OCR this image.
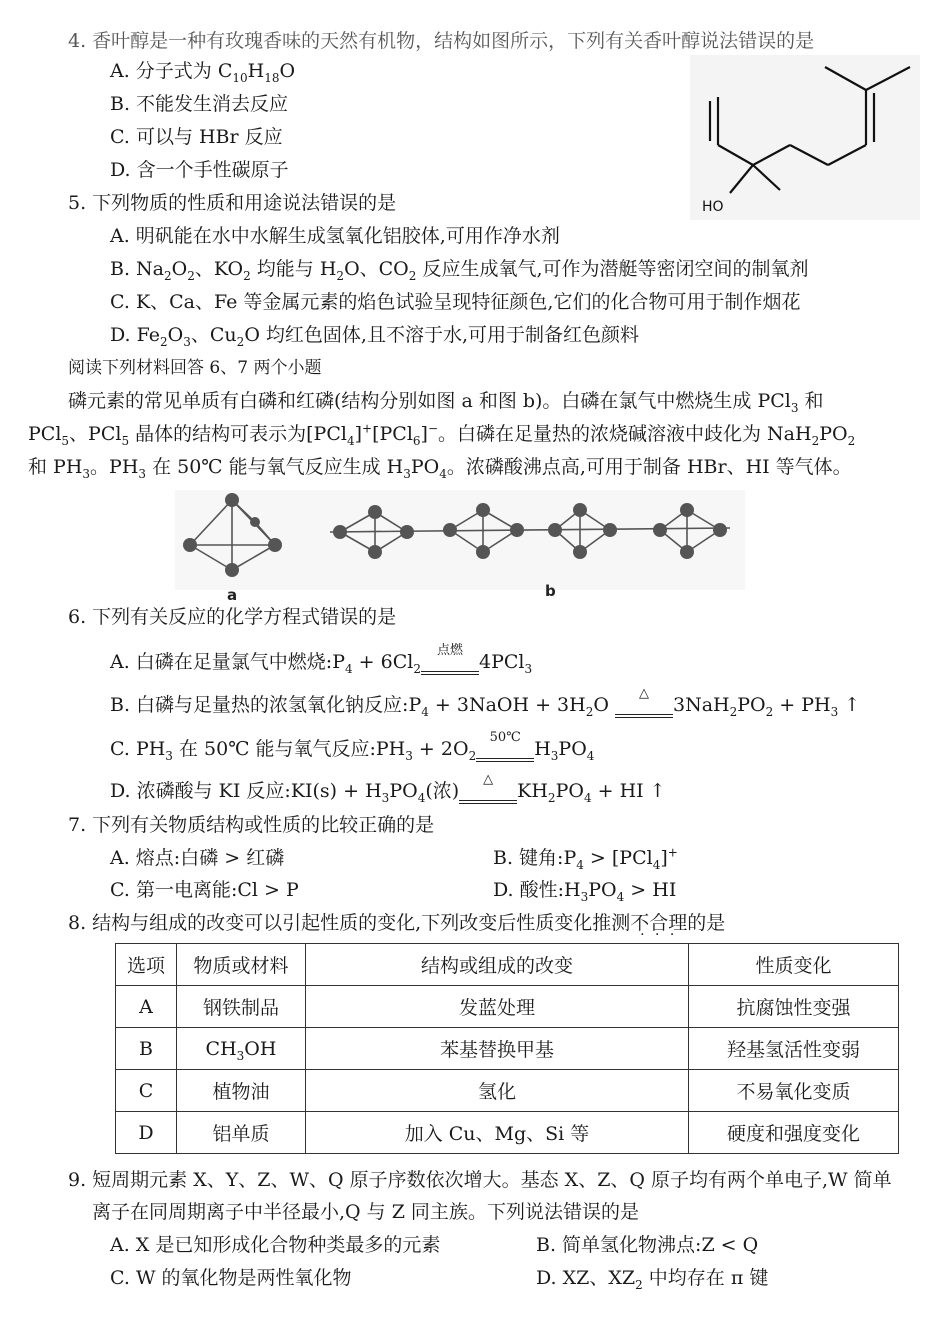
4. 香叶醇是一种有玫瑰香味的天然有机物，结构如图所示，下列有关香叶醇说法错误的是
A. 分子式为 $C_{10}H_{18}O$
B. 不能发生消去反应
C. 可以与 HBr 反应
D. 含一个手性碳原子
HO
5. 下列物质的性质和用途说法错误的是
A. 明矾能在水中水解生成氢氧化铝胶体,可用作净水剂
B. $Na_2O_2$、$KO_2$ 均能与 $H_2O$、$CO_2$ 反应生成氧气,可作为潜艇等密闭空间的制氧剂
C. K、Ca、Fe 等金属元素的焰色试验呈现特征颜色,它们的化合物可用于制作烟花
D. $Fe_2O_3$、$Cu_2O$ 均红色固体,且不溶于水,可用于制备红色颜料
阅读下列材料回答 6、7 两个小题
磷元素的常见单质有白磷和红磷(结构分别如图 a 和图 b)。白磷在氯气中燃烧生成 PCl$_3$ 和
PCl$_5$、PCl$_5$ 晶体的结构可表示为[PCl$_4$]+[PCl$_6$]−。白磷在足量热的浓烧碱溶液中歧化为 $NaH_2PO_2$
和 $PH_3$。$PH_3$ 在 50℃ 能与氧气反应生成 $H_3PO_4$。浓磷酸沸点高,可用于制备 HBr、HI 等气体。
a	b
6. 下列有关反应的化学方程式错误的是
A. 白磷在足量氯气中燃烧$:P_4 + 6Cl_2$
点燃
4PCl$_3$
B. 白磷与足量热的浓氢氧化钠反应$:P_4$ + 3NaOH + $3H_2O$
△
$3NaH_2PO_2 + PH_3$ ↑
C. $PH_3$ 在 50℃ 能与氧气反应$:PH_3 + 2O_2$
50℃
$H_3PO_4$
D. 浓磷酸与 KI 反应:KI(s) + $H_3PO_4$(浓)
△
$KH_2PO_4$ + HI ↑
7. 下列有关物质结构或性质的比较正确的是
A. 熔点:白磷 > 红磷	B. 键角$:P_4 > [PCl_4]^+$
C. 第一电离能:Cl > P	D. 酸性$:H_3PO_4$ > HI
8. 结构与组成的改变可以引起性质的变化,下列改变后性质变化推测不合理 · · ·的是
选项	物质或材料	结构或组成的改变	性质变化
A	钢铁制品	发蓝处理	抗腐蚀性变强
B	$CH_3OH$	苯基替换甲基	羟基氢活性变弱
C	植物油	氢化	不易氧化变质
D	铝单质	加入 Cu、Mg、Si 等	硬度和强度变化
9. 短周期元素 X、Y、Z、W、Q 原子序数依次增大。基态 X、Z、Q 原子均有两个单电子,W 简单
离子在同周期离子中半径最小,Q 与 Z 同主族。下列说法错误的是
A. X 是已知形成化合物种类最多的元素	B. 简单氢化物沸点:Z < Q
C. W 的氧化物是两性氧化物	D. XZ、$XZ_2$ 中均存在 π 键
